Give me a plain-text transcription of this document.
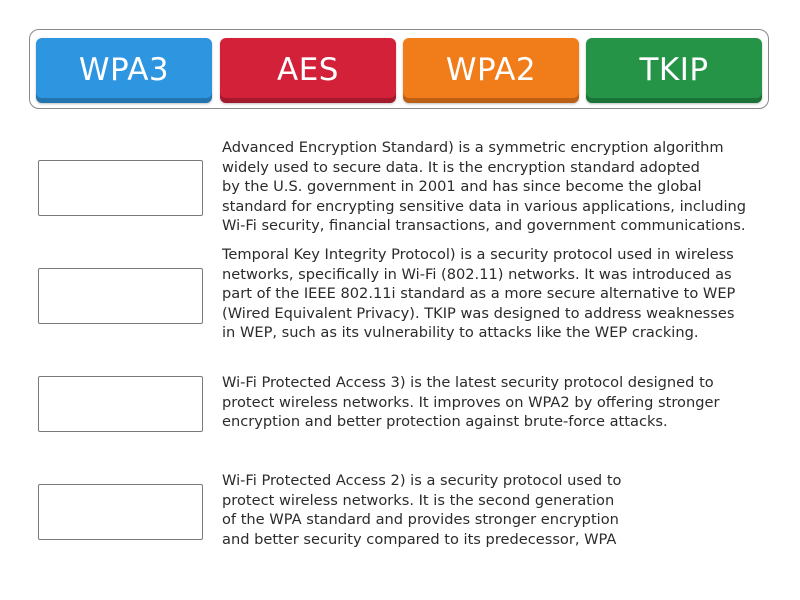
WPA3	AES	WPA2	TKIP

Advanced Encryption Standard) is a symmetric encryption algorithm
widely used to secure data. It is the encryption standard adopted
by the U.S. government in 2001 and has since become the global
standard for encrypting sensitive data in various applications, including
Wi-Fi security, financial transactions, and government communications.

Temporal Key Integrity Protocol) is a security protocol used in wireless
networks, specifically in Wi-Fi (802.11) networks. It was introduced as
part of the IEEE 802.11i standard as a more secure alternative to WEP
(Wired Equivalent Privacy). TKIP was designed to address weaknesses
in WEP, such as its vulnerability to attacks like the WEP cracking.

Wi-Fi Protected Access 3) is the latest security protocol designed to
protect wireless networks. It improves on WPA2 by offering stronger
encryption and better protection against brute-force attacks.

Wi-Fi Protected Access 2) is a security protocol used to
protect wireless networks. It is the second generation
of the WPA standard and provides stronger encryption
and better security compared to its predecessor, WPA
